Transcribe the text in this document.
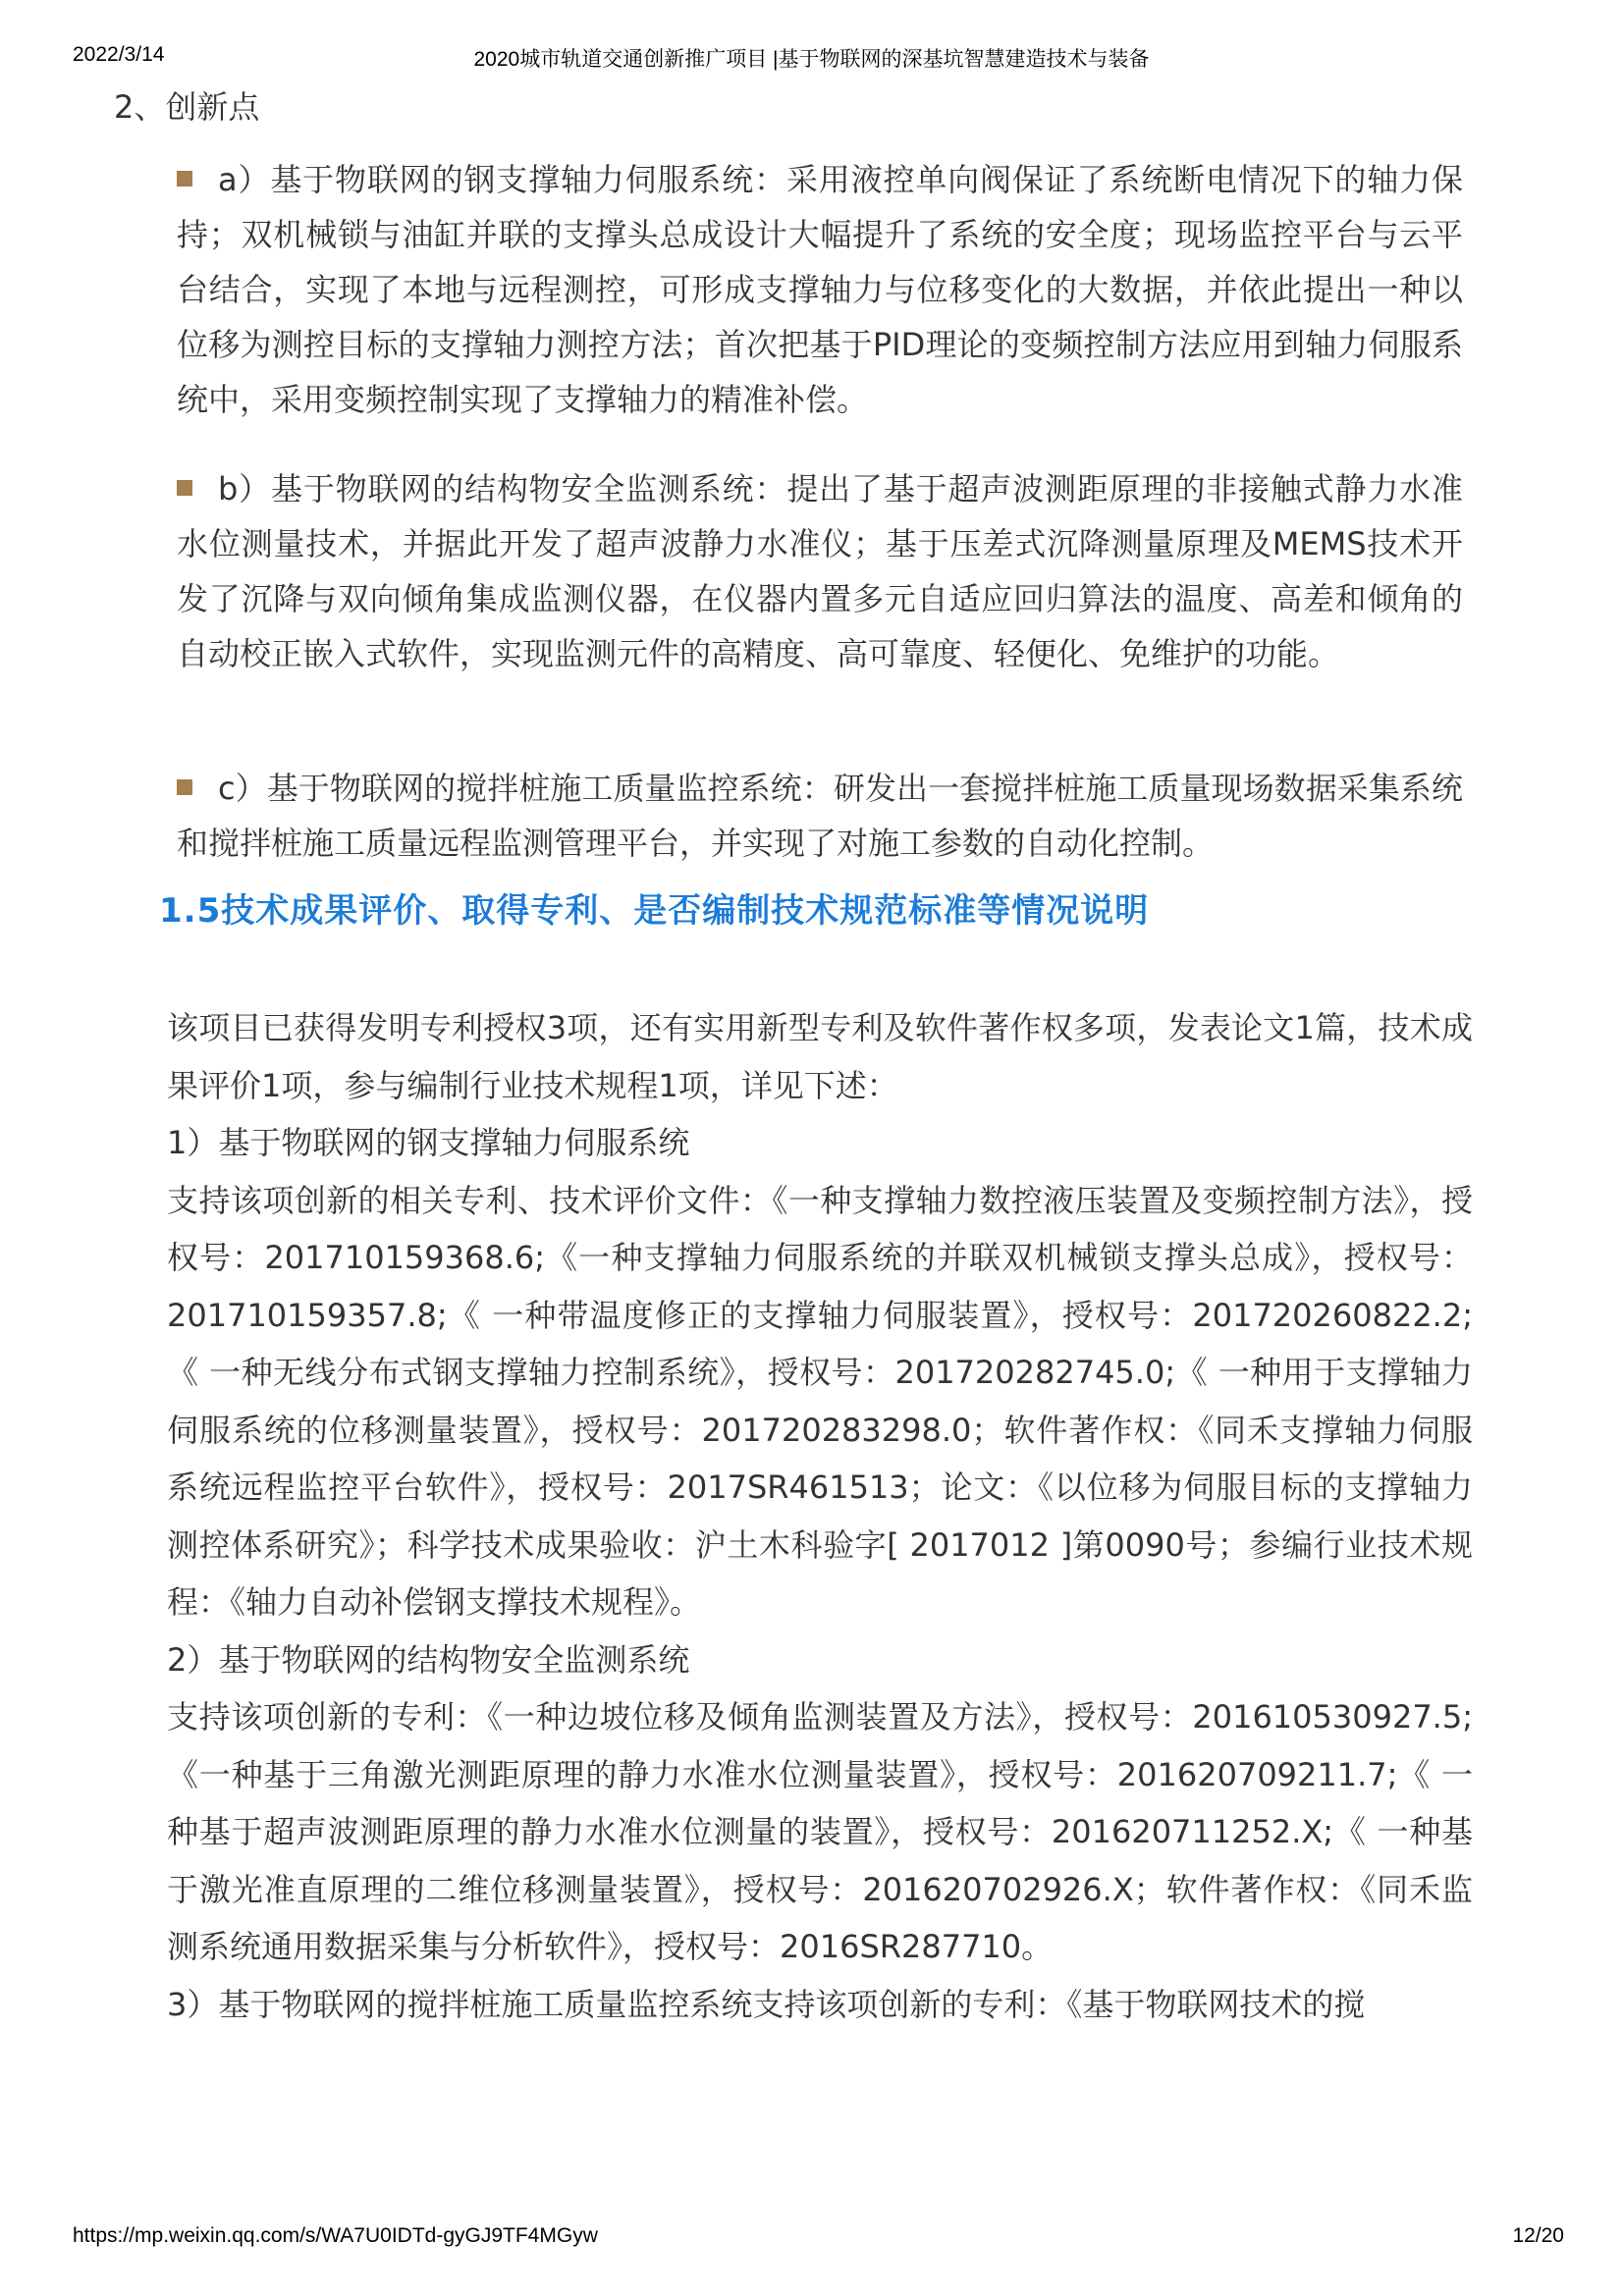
2022/3/14	2020城市轨道交通创新推广项目 |基于物联网的深基坑智慧建造技术与装备
2、创新点
a）基于物联网的钢支撑轴力伺服系统：采用液控单向阀保证了系统断电情况下的轴力保持；双机械锁与油缸并联的支撑头总成设计大幅提升了系统的安全度；现场监控平台与云平台结合，实现了本地与远程测控，可形成支撑轴力与位移变化的大数据，并依此提出一种以位移为测控目标的支撑轴力测控方法；首次把基于PID理论的变频控制方法应用到轴力伺服系统中，采用变频控制实现了支撑轴力的精准补偿。
b）基于物联网的结构物安全监测系统：提出了基于超声波测距原理的非接触式静力水准水位测量技术，并据此开发了超声波静力水准仪；基于压差式沉降测量原理及MEMS技术开发了沉降与双向倾角集成监测仪器，在仪器内置多元自适应回归算法的温度、高差和倾角的自动校正嵌入式软件，实现监测元件的高精度、高可靠度、轻便化、免维护的功能。
c）基于物联网的搅拌桩施工质量监控系统：研发出一套搅拌桩施工质量现场数据采集系统和搅拌桩施工质量远程监测管理平台，并实现了对施工参数的自动化控制。
1.5技术成果评价、取得专利、是否编制技术规范标准等情况说明

该项目已获得发明专利授权3项，还有实用新型专利及软件著作权多项，发表论文1篇，技术成果评价1项，参与编制行业技术规程1项，详见下述：

1）基于物联网的钢支撑轴力伺服系统

支持该项创新的相关专利、技术评价文件：《一种支撑轴力数控液压装置及变频控制方法》，授权号：201710159368.6;《一种支撑轴力伺服系统的并联双机械锁支撑头总成》，授权号：201710159357.8;《 一种带温度修正的支撑轴力伺服装置》，授权号：201720260822.2;《 一种无线分布式钢支撑轴力控制系统》，授权号：201720282745.0;《 一种用于支撑轴力伺服系统的位移测量装置》，授权号：201720283298.0；软件著作权：《同禾支撑轴力伺服系统远程监控平台软件》，授权号：2017SR461513；论文：《以位移为伺服目标的支撑轴力测控体系研究》；科学技术成果验收：沪土木科验字[ 2017012 ]第0090号；参编行业技术规程：《轴力自动补偿钢支撑技术规程》。

2）基于物联网的结构物安全监测系统

支持该项创新的专利：《一种边坡位移及倾角监测装置及方法》，授权号：201610530927.5;《一种基于三角激光测距原理的静力水准水位测量装置》，授权号：201620709211.7;《 一种基于超声波测距原理的静力水准水位测量的装置》，授权号：201620711252.X;《 一种基于激光准直原理的二维位移测量装置》，授权号：201620702926.X；软件著作权：《同禾监测系统通用数据采集与分析软件》，授权号：2016SR287710。

3）基于物联网的搅拌桩施工质量监控系统支持该项创新的专利：《基于物联网技术的搅

https://mp.weixin.qq.com/s/WA7U0IDTd-gyGJ9TF4MGyw	12/20
